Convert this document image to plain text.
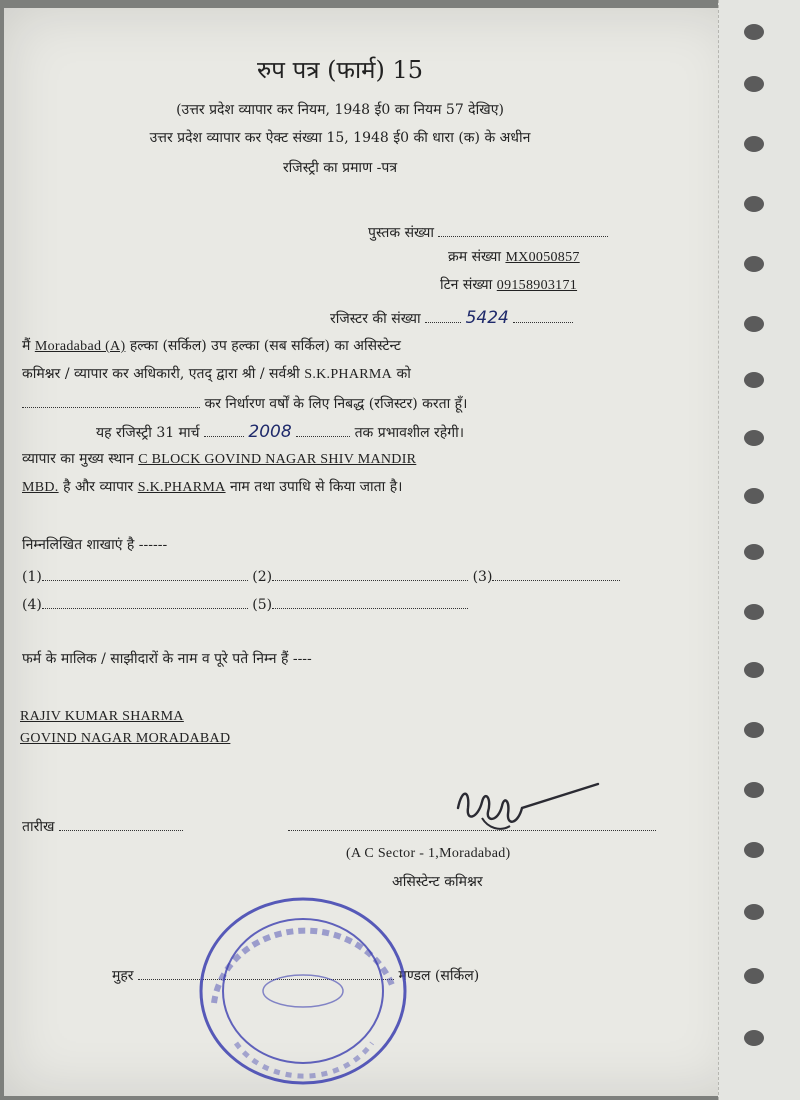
रुप पत्र (फार्म) 15
(उत्तर प्रदेश व्यापार कर नियम, 1948 ई0 का नियम 57 देखिए)
उत्तर प्रदेश व्यापार कर ऐक्ट संख्या 15, 1948 ई0 की धारा (क) के अधीन
रजिस्ट्री का प्रमाण -पत्र
पुस्तक संख्या
क्रम संख्या MX0050857
टिन संख्या 09158903171
रजिस्टर की संख्या	5424
मैं Moradabad (A) हल्का (सर्किल) उप हल्का (सब सर्किल) का असिस्टेन्ट
कमिश्नर / व्यापार कर अधिकारी, एतद् द्वारा श्री / सर्वश्री S.K.PHARMA को
कर निर्धारण वर्षों के लिए निबद्ध (रजिस्टर) करता हूँ।
यह रजिस्ट्री 31 मार्च	2008	तक प्रभावशील रहेगी।
व्यापार का मुख्य स्थान C BLOCK GOVIND NAGAR SHIV MANDIR
MBD. है और व्यापार S.K.PHARMA नाम तथा उपाधि से किया जाता है।
निम्नलिखित शाखाएं है ------
(1)	(2)	(3)
(4)	(5)
फर्म के मालिक / साझीदारों के नाम व पूरे पते निम्न हैं ----
RAJIV KUMAR SHARMA
GOVIND NAGAR MORADABAD
तारीख
(A C Sector - 1,Moradabad)
असिस्टेन्ट कमिश्नर
मुहर	मण्डल (सर्किल)
